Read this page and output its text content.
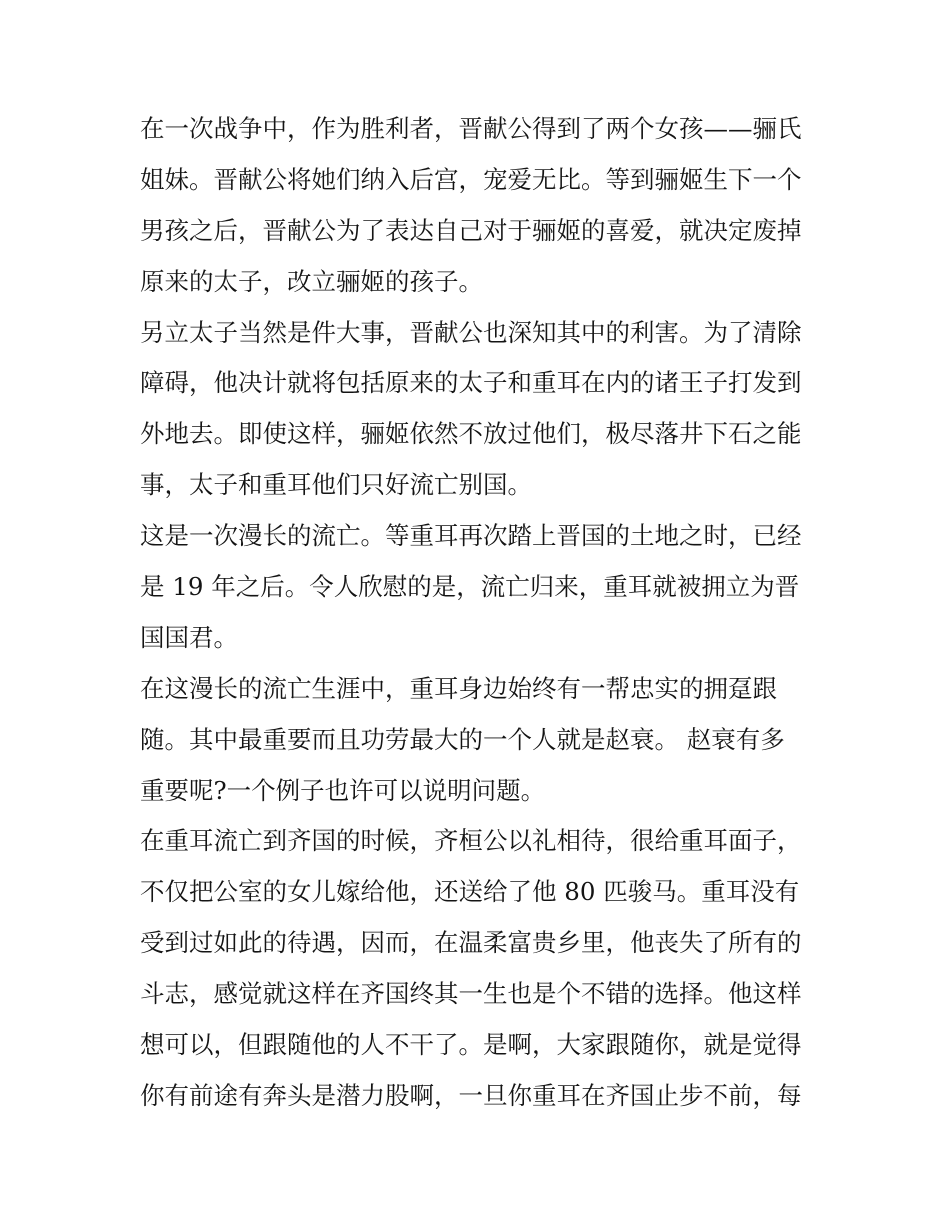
在一次战争中，作为胜利者，晋献公得到了两个女孩——骊氏
姐妹。晋献公将她们纳入后宫，宠爱无比。等到骊姬生下一个
男孩之后，晋献公为了表达自己对于骊姬的喜爱，就决定废掉
原来的太子，改立骊姬的孩子。
另立太子当然是件大事，晋献公也深知其中的利害。为了清除
障碍，他决计就将包括原来的太子和重耳在内的诸王子打发到
外地去。即使这样，骊姬依然不放过他们，极尽落井下石之能
事，太子和重耳他们只好流亡别国。
这是一次漫长的流亡。等重耳再次踏上晋国的土地之时，已经
是 19 年之后。令人欣慰的是，流亡归来，重耳就被拥立为晋
国国君。
在这漫长的流亡生涯中，重耳身边始终有一帮忠实的拥趸跟
随。其中最重要而且功劳最大的一个人就是赵衰。 赵衰有多
重要呢?一个例子也许可以说明问题。
在重耳流亡到齐国的时候，齐桓公以礼相待，很给重耳面子，
不仅把公室的女儿嫁给他，还送给了他 80 匹骏马。重耳没有
受到过如此的待遇，因而，在温柔富贵乡里，他丧失了所有的
斗志，感觉就这样在齐国终其一生也是个不错的选择。他这样
想可以，但跟随他的人不干了。是啊，大家跟随你，就是觉得
你有前途有奔头是潜力股啊，一旦你重耳在齐国止步不前，每
